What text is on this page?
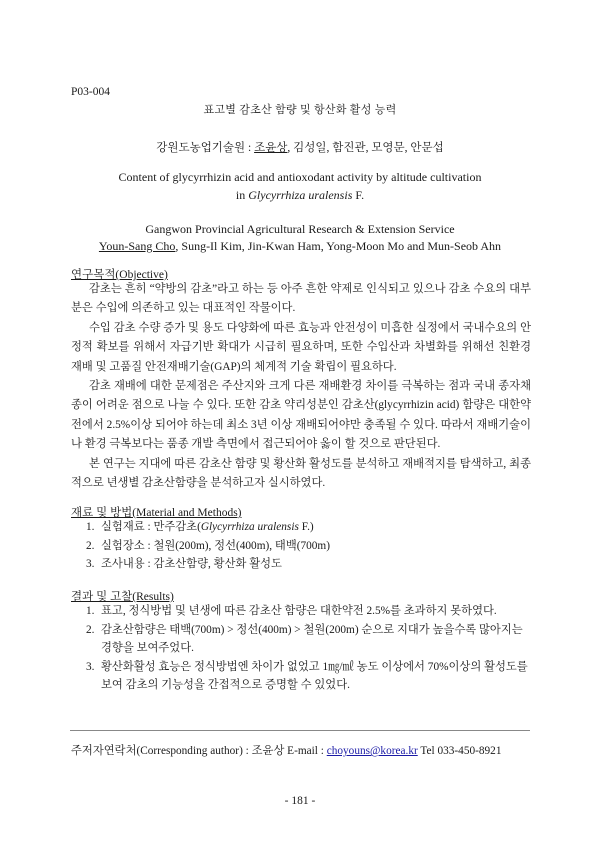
P03-004
표고별 감초산 함량 및 항산화 활성 능력
강원도농업기술원 : 조윤상, 김성일, 함진관, 모영문, 안문섭
Content of glycyrrhizin acid and antioxodant activity by altitude cultivation
in Glycyrrhiza uralensis F.
Gangwon Provincial Agricultural Research & Extension Service
Youn-Sang Cho, Sung-Il Kim, Jin-Kwan Ham, Yong-Moon Mo and Mun-Seob Ahn
연구목적(Objective)

감초는 흔히 “약방의 감초”라고 하는 등 아주 흔한 약제로 인식되고 있으나 감초 수요의 대부분은 수입에 의존하고 있는 대표적인 작물이다.

수입 감초 수량 증가 및 용도 다양화에 따른 효능과 안전성이 미흡한 실정에서 국내수요의 안정적 확보를 위해서 자급기반 확대가 시급히 필요하며, 또한 수입산과 차별화를 위해선 친환경 재배 및 고품질 안전재배기술(GAP)의 체계적 기술 확립이 필요하다.

감초 재배에 대한 문제점은 주산지와 크게 다른 재배환경 차이를 극복하는 점과 국내 종자채종이 어려운 점으로 나눌 수 있다. 또한 감초 약리성분인 감초산(glycyrrhizin acid) 함량은 대한약전에서 2.5%이상 되어야 하는데 최소 3년 이상 재배되어야만 충족될 수 있다. 따라서 재배기술이나 환경 극복보다는 품종 개발 측면에서 접근되어야 옳이 할 것으로 판단된다.

본 연구는 지대에 따른 감초산 함량 및 황산화 활성도를 분석하고 재배적지를 탐색하고, 최종적으로 년생별 감초산함량을 분석하고자 실시하였다.

재료 및 방법(Material and Methods)
1. 실험재료 : 만주감초(Glycyrrhiza uralensis F.)
2. 실험장소 : 철원(200m), 정선(400m), 태백(700m)
3. 조사내용 : 감초산함량, 황산화 활성도
결과 및 고찰(Results)
1. 표고, 정식방법 및 년생에 따른 감초산 함량은 대한약전 2.5%를 초과하지 못하였다.
2. 감초산함량은 태백(700m) > 정선(400m) > 철원(200m) 순으로 지대가 높을수록 많아지는 경향을 보여주었다.
3. 황산화활성 효능은 정식방법엔 차이가 없었고 1㎎/㎖ 농도 이상에서 70%이상의 활성도를 보여 감초의 기능성을 간접적으로 증명할 수 있었다.
주저자연락처(Corresponding author) : 조윤상 E-mail : choyouns@korea.kr Tel 033-450-8921
- 181 -
